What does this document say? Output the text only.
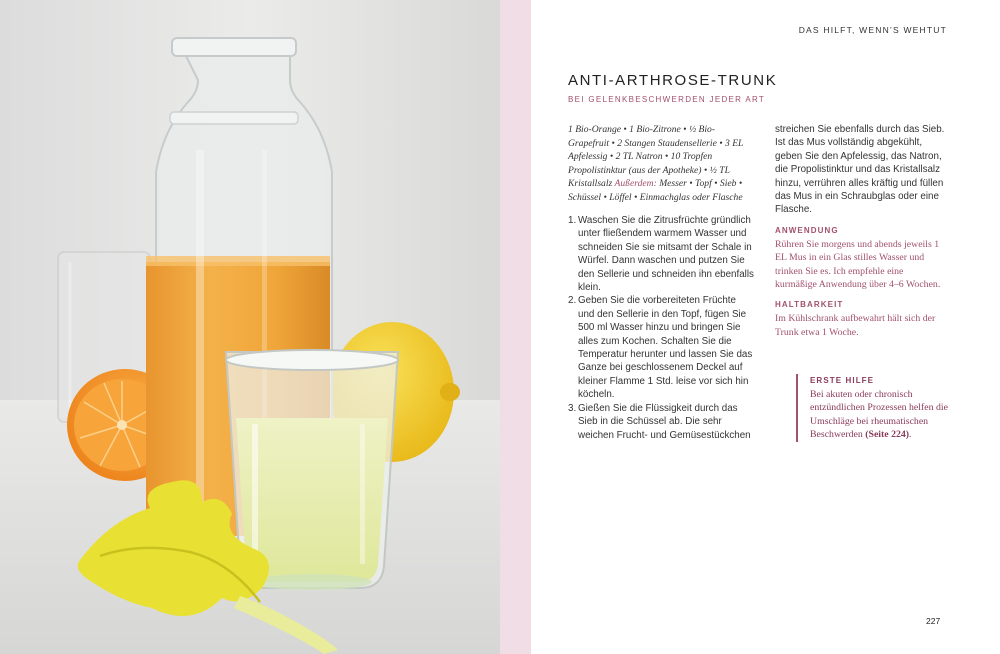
DAS HILFT, WENN’S WEHTUT
ANTI-ARTHROSE-TRUNK
BEI GELENKBESCHWERDEN JEDER ART
1 Bio-Orange • 1 Bio-Zitrone • ½ Bio-Grapefruit • 2 Stangen Staudensellerie • 3 EL Apfelessig • 2 TL Natron • 10 Tropfen Propolistinktur (aus der Apotheke) • ½ TL Kristallsalz Außerdem: Messer • Topf • Sieb • Schüssel • Löffel • Einmachglas oder Flasche
1. Waschen Sie die Zitrusfrüchte gründlich unter fließendem warmem Wasser und schneiden Sie sie mitsamt der Schale in Würfel. Dann waschen und putzen Sie den Sellerie und schneiden ihn ebenfalls klein.
2. Geben Sie die vorbereiteten Früchte und den Sellerie in den Topf, fügen Sie 500 ml Wasser hinzu und bringen Sie alles zum Kochen. Schalten Sie die Temperatur herunter und lassen Sie das Ganze bei geschlossenem Deckel auf kleiner Flamme 1 Std. leise vor sich hin köcheln.
3. Gießen Sie die Flüssigkeit durch das Sieb in die Schüssel ab. Die sehr weichen Frucht- und Gemüsestückchen

streichen Sie ebenfalls durch das Sieb. Ist das Mus vollständig abgekühlt, geben Sie den Apfelessig, das Natron, die Propolistinktur und das Kristallsalz hinzu, verrühren alles kräftig und füllen das Mus in ein Schraubglas oder eine Flasche.

ANWENDUNG

Rühren Sie morgens und abends jeweils 1 EL Mus in ein Glas stilles Wasser und trinken Sie es. Ich empfehle eine kurmäßige Anwendung über 4–6 Wochen.

HALTBARKEIT

Im Kühlschrank aufbewahrt hält sich der Trunk etwa 1 Woche.

ERSTE HILFE

Bei akuten oder chronisch entzündlichen Prozessen helfen die Umschläge bei rheumatischen Beschwerden (Seite 224).

227
